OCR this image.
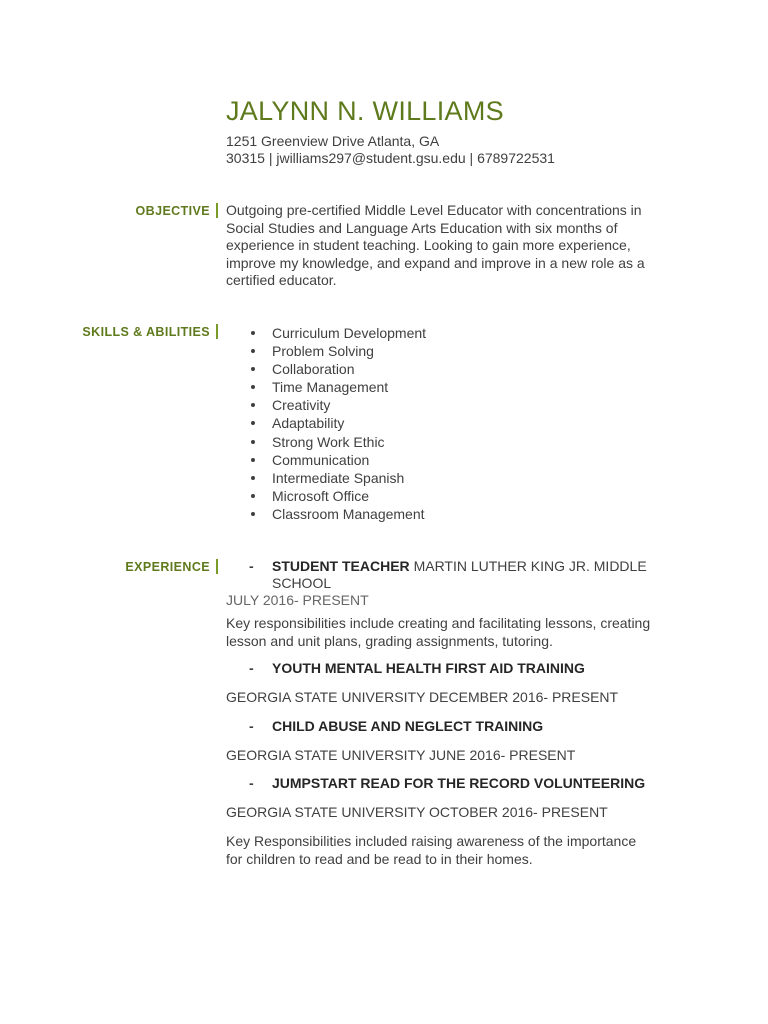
JALYNN N. WILLIAMS
1251 Greenview Drive Atlanta, GA
30315 | jwilliams297@student.gsu.edu | 6789722531
OBJECTIVE	Outgoing pre-certified Middle Level Educator with concentrations in Social Studies and Language Arts Education with six months of experience in student teaching. Looking to gain more experience, improve my knowledge, and expand and improve in a new role as a certified educator.
SKILLS & ABILITIES	Curriculum Development
Problem Solving
Collaboration
Time Management
Creativity
Adaptability
Strong Work Ethic
Communication
Intermediate Spanish
Microsoft Office
Classroom Management
EXPERIENCE	- STUDENT TEACHER MARTIN LUTHER KING JR. MIDDLE SCHOOL
JULY 2016- PRESENT
Key responsibilities include creating and facilitating lessons, creating lesson and unit plans, grading assignments, tutoring.
- YOUTH MENTAL HEALTH FIRST AID TRAINING
GEORGIA STATE UNIVERSITY DECEMBER 2016- PRESENT
- CHILD ABUSE AND NEGLECT TRAINING
GEORGIA STATE UNIVERSITY JUNE 2016- PRESENT
- JUMPSTART READ FOR THE RECORD VOLUNTEERING
GEORGIA STATE UNIVERSITY OCTOBER 2016- PRESENT
Key Responsibilities included raising awareness of the importance for children to read and be read to in their homes.
